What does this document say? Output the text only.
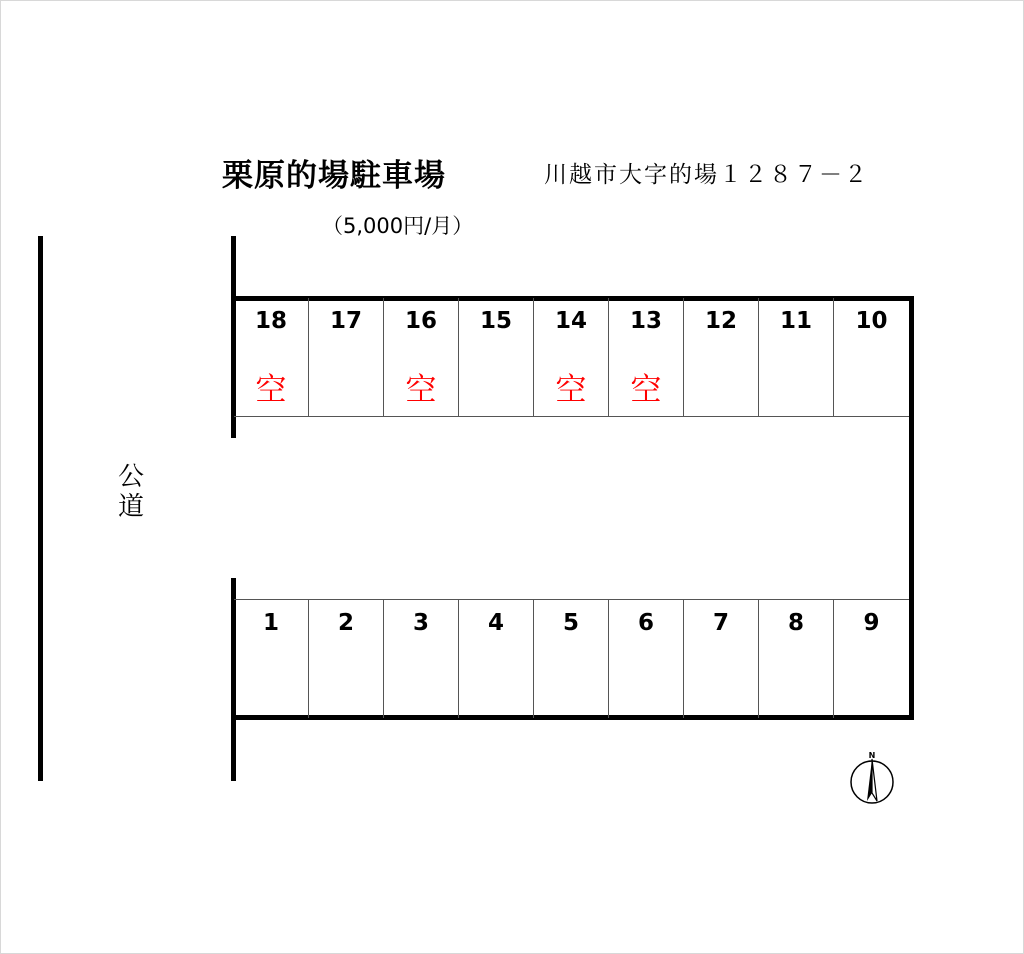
栗原的場駐車場	川越市大字的場１２８７－２
（5,000円/月）
公
道
18
空
17	16
空
15	14
空
13
空
12	11	10
1	2	3	4	5	6	7	8	9
N
